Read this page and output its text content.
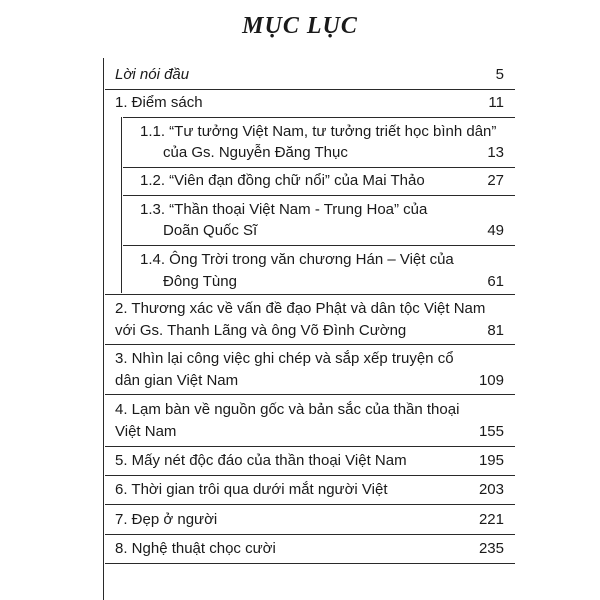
MỤC LỤC
Lời nói đầu	5
1. Điểm sách	11
1.1. “Tư tưởng Việt Nam, tư tưởng triết học bình dân”
của Gs. Nguyễn Đăng Thục	13
1.2. “Viên đạn đồng chữ nổi” của Mai Thảo	27
1.3. “Thần thoại Việt Nam - Trung Hoa” của
Doãn Quốc Sĩ	49
1.4. Ông Trời trong văn chương Hán – Việt của
Đông Tùng	61
2. Thương xác về vấn đề đạo Phật và dân tộc Việt Nam
với Gs. Thanh Lãng và ông Võ Đình Cường	81
3. Nhìn lại công việc ghi chép và sắp xếp truyện cổ
dân gian Việt Nam	109
4. Lạm bàn về nguồn gốc và bản sắc của thần thoại
Việt Nam	155
5. Mấy nét độc đáo của thần thoại Việt Nam	195
6. Thời gian trôi qua dưới mắt người Việt	203
7. Đẹp ở người	221
8. Nghệ thuật chọc cười	235
